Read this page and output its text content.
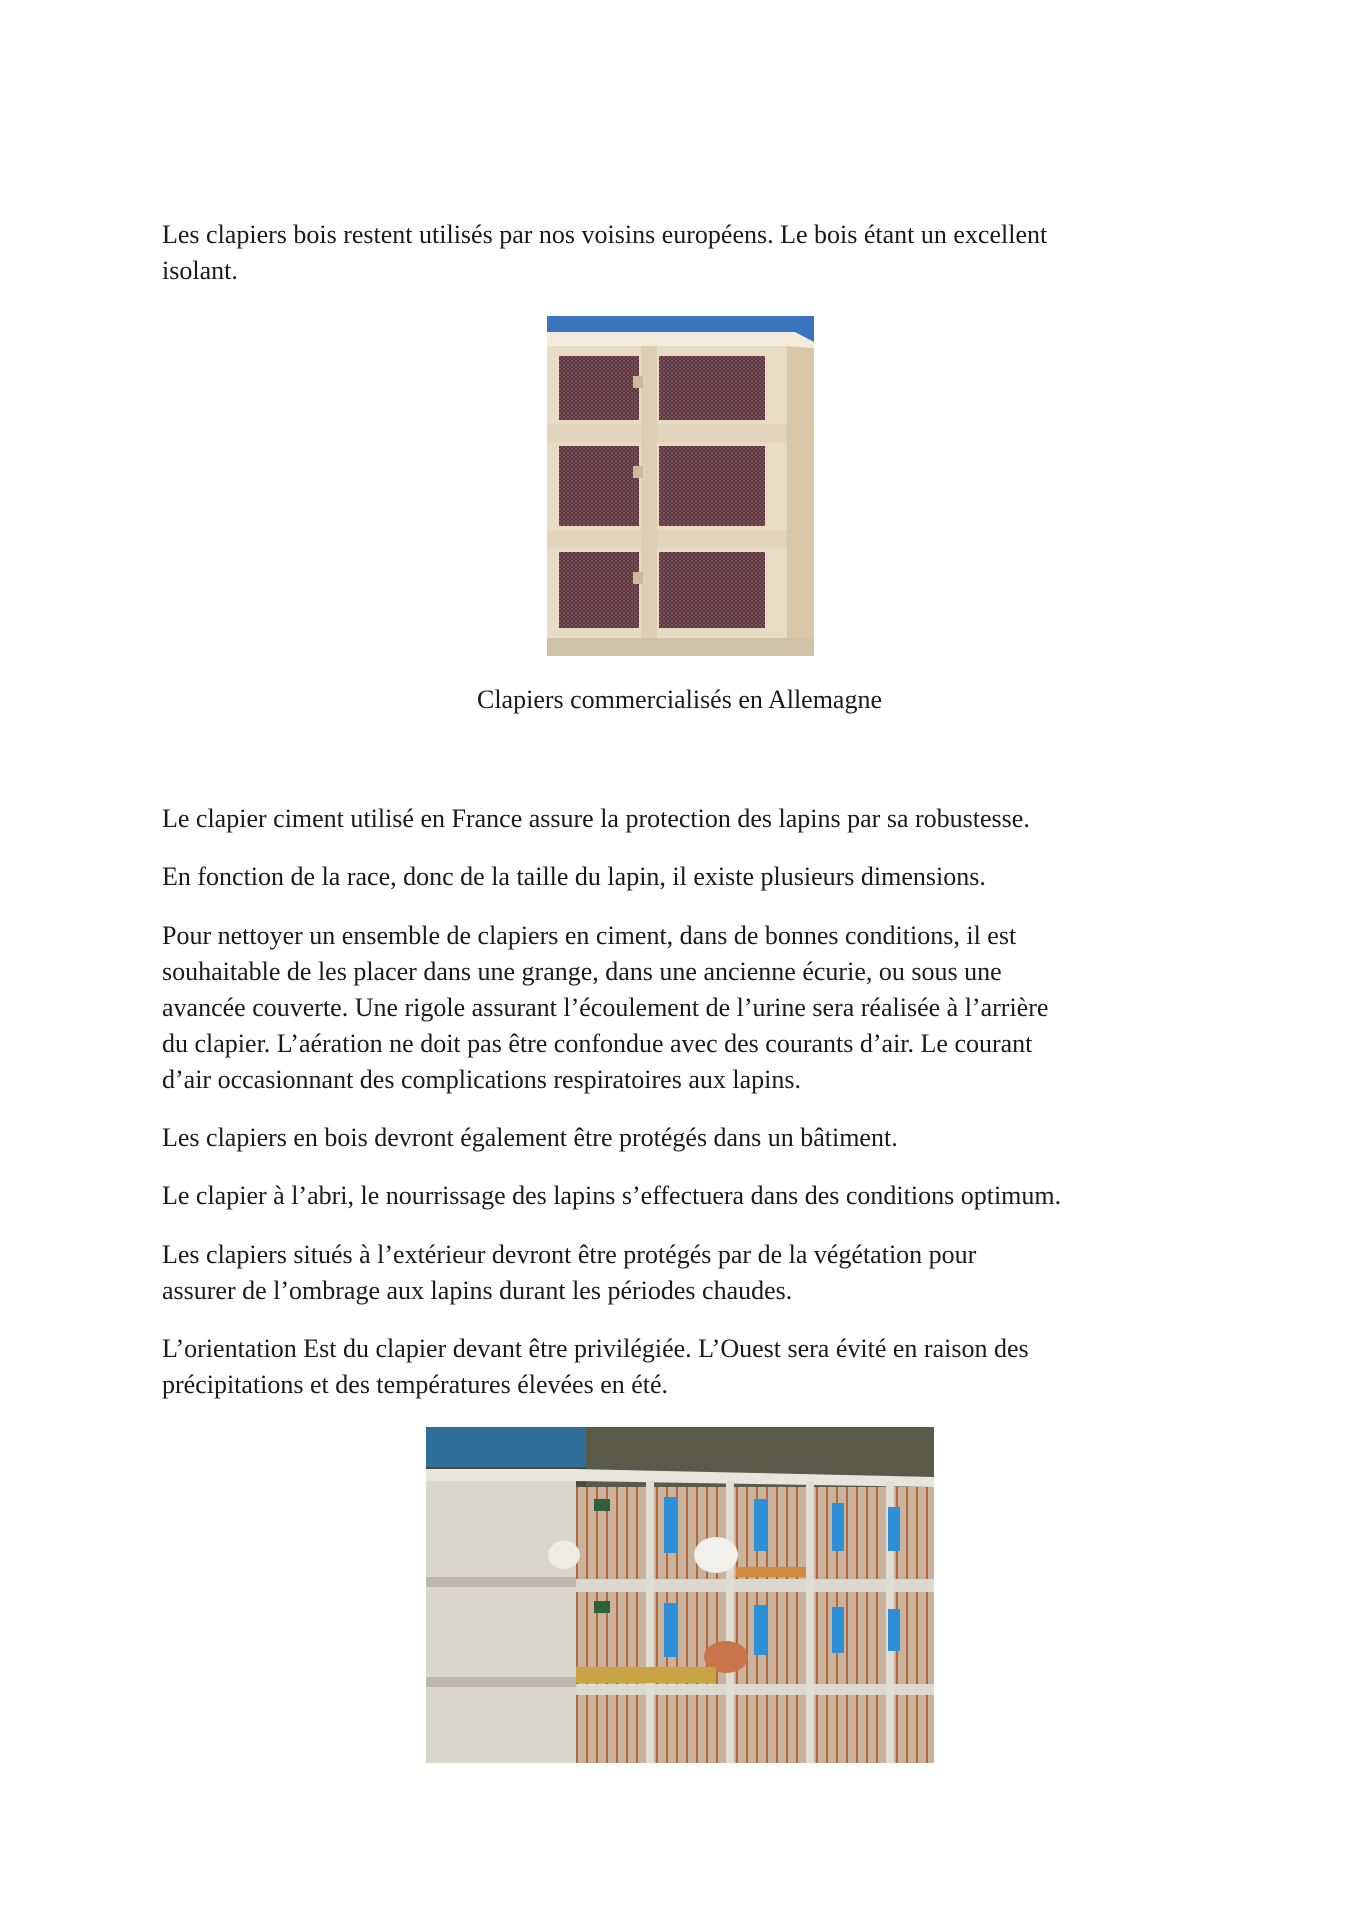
Les clapiers bois restent utilisés par nos voisins européens. Le bois étant un excellent
isolant.

Clapiers commercialisés en Allemagne

Le clapier ciment utilisé en France assure la protection des lapins par sa robustesse.

En fonction de la race, donc de la taille du lapin, il existe plusieurs dimensions.

Pour nettoyer un ensemble de clapiers en ciment, dans de bonnes conditions, il est
souhaitable de les placer dans une grange, dans une ancienne écurie, ou sous une
avancée couverte. Une rigole assurant l’écoulement de l’urine sera réalisée à l’arrière
du clapier. L’aération ne doit pas être confondue avec des courants d’air. Le courant
d’air occasionnant des complications respiratoires aux lapins.

Les clapiers en bois devront également être protégés dans un bâtiment.

Le clapier à l’abri, le nourrissage des lapins s’effectuera dans des conditions optimum.

Les clapiers situés à l’extérieur devront être protégés par de la végétation pour
assurer de l’ombrage aux lapins durant les périodes chaudes.

L’orientation Est du clapier devant être privilégiée. L’Ouest sera évité en raison des
précipitations et des températures élevées en été.
